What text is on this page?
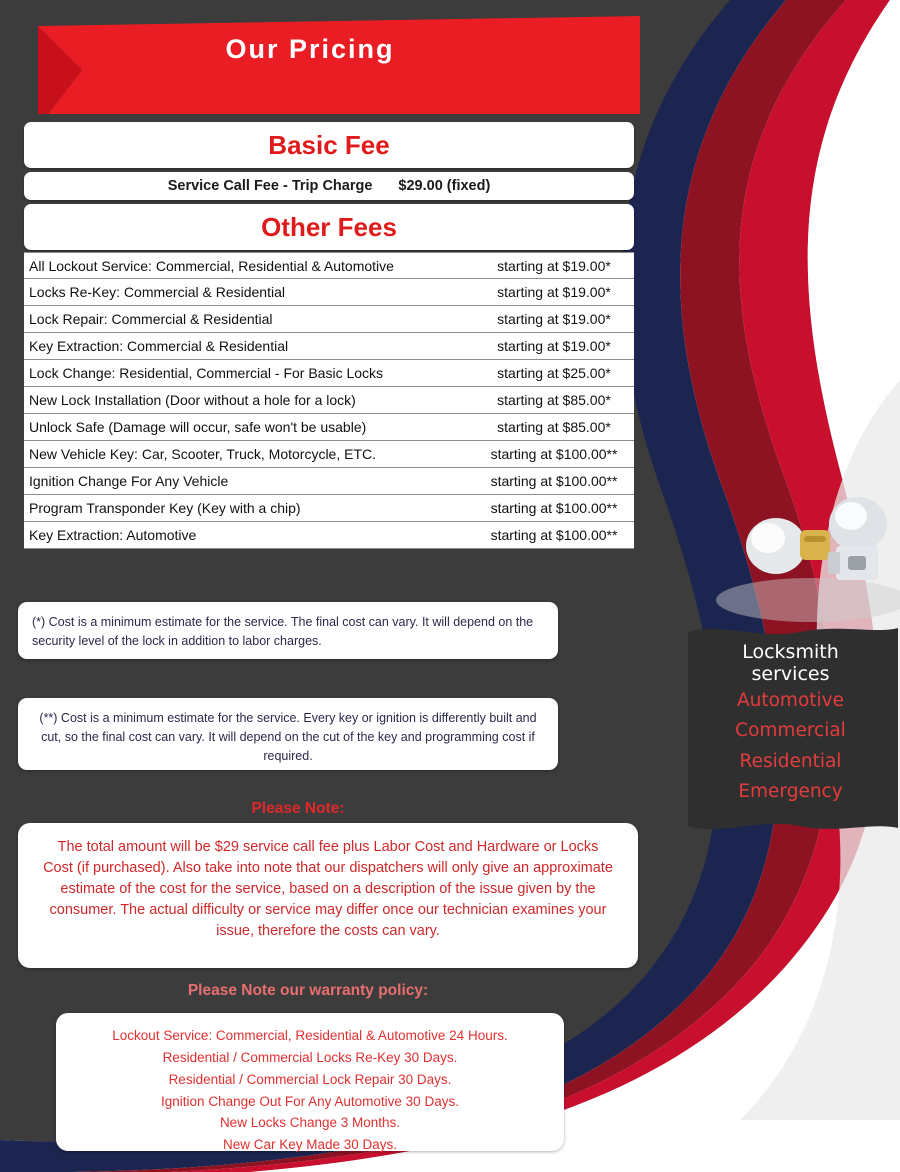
Our Pricing
Basic Fee
Service Call Fee - Trip Charge $29.00 (fixed)
Other Fees
All Lockout Service: Commercial, Residential & Automotive	starting at $19.00*
Locks Re-Key: Commercial & Residential	starting at $19.00*
Lock Repair: Commercial & Residential	starting at $19.00*
Key Extraction: Commercial & Residential	starting at $19.00*
Lock Change: Residential, Commercial - For Basic Locks	starting at $25.00*
New Lock Installation (Door without a hole for a lock)	starting at $85.00*
Unlock Safe (Damage will occur, safe won't be usable)	starting at $85.00*
New Vehicle Key: Car, Scooter, Truck, Motorcycle, ETC.	starting at $100.00**
Ignition Change For Any Vehicle	starting at $100.00**
Program Transponder Key (Key with a chip)	starting at $100.00**
Key Extraction: Automotive	starting at $100.00**
(*) Cost is a minimum estimate for the service. The final cost can vary. It will depend on the security level of the lock in addition to labor charges.
(**) Cost is a minimum estimate for the service. Every key or ignition is differently built and cut, so the final cost can vary. It will depend on the cut of the key and programming cost if required.
Please Note:
The total amount will be $29 service call fee plus Labor Cost and Hardware or Locks Cost (if purchased). Also take into note that our dispatchers will only give an approximate estimate of the cost for the service, based on a description of the issue given by the consumer. The actual difficulty or service may differ once our technician examines your issue, therefore the costs can vary.
Please Note our warranty policy:
Lockout Service: Commercial, Residential & Automotive 24 Hours.
Residential / Commercial Locks Re-Key 30 Days.
Residential / Commercial Lock Repair 30 Days.
Ignition Change Out For Any Automotive 30 Days.
New Locks Change 3 Months.
New Car Key Made 30 Days.
Locksmith
services
Automotive
Commercial
Residential
Emergency
